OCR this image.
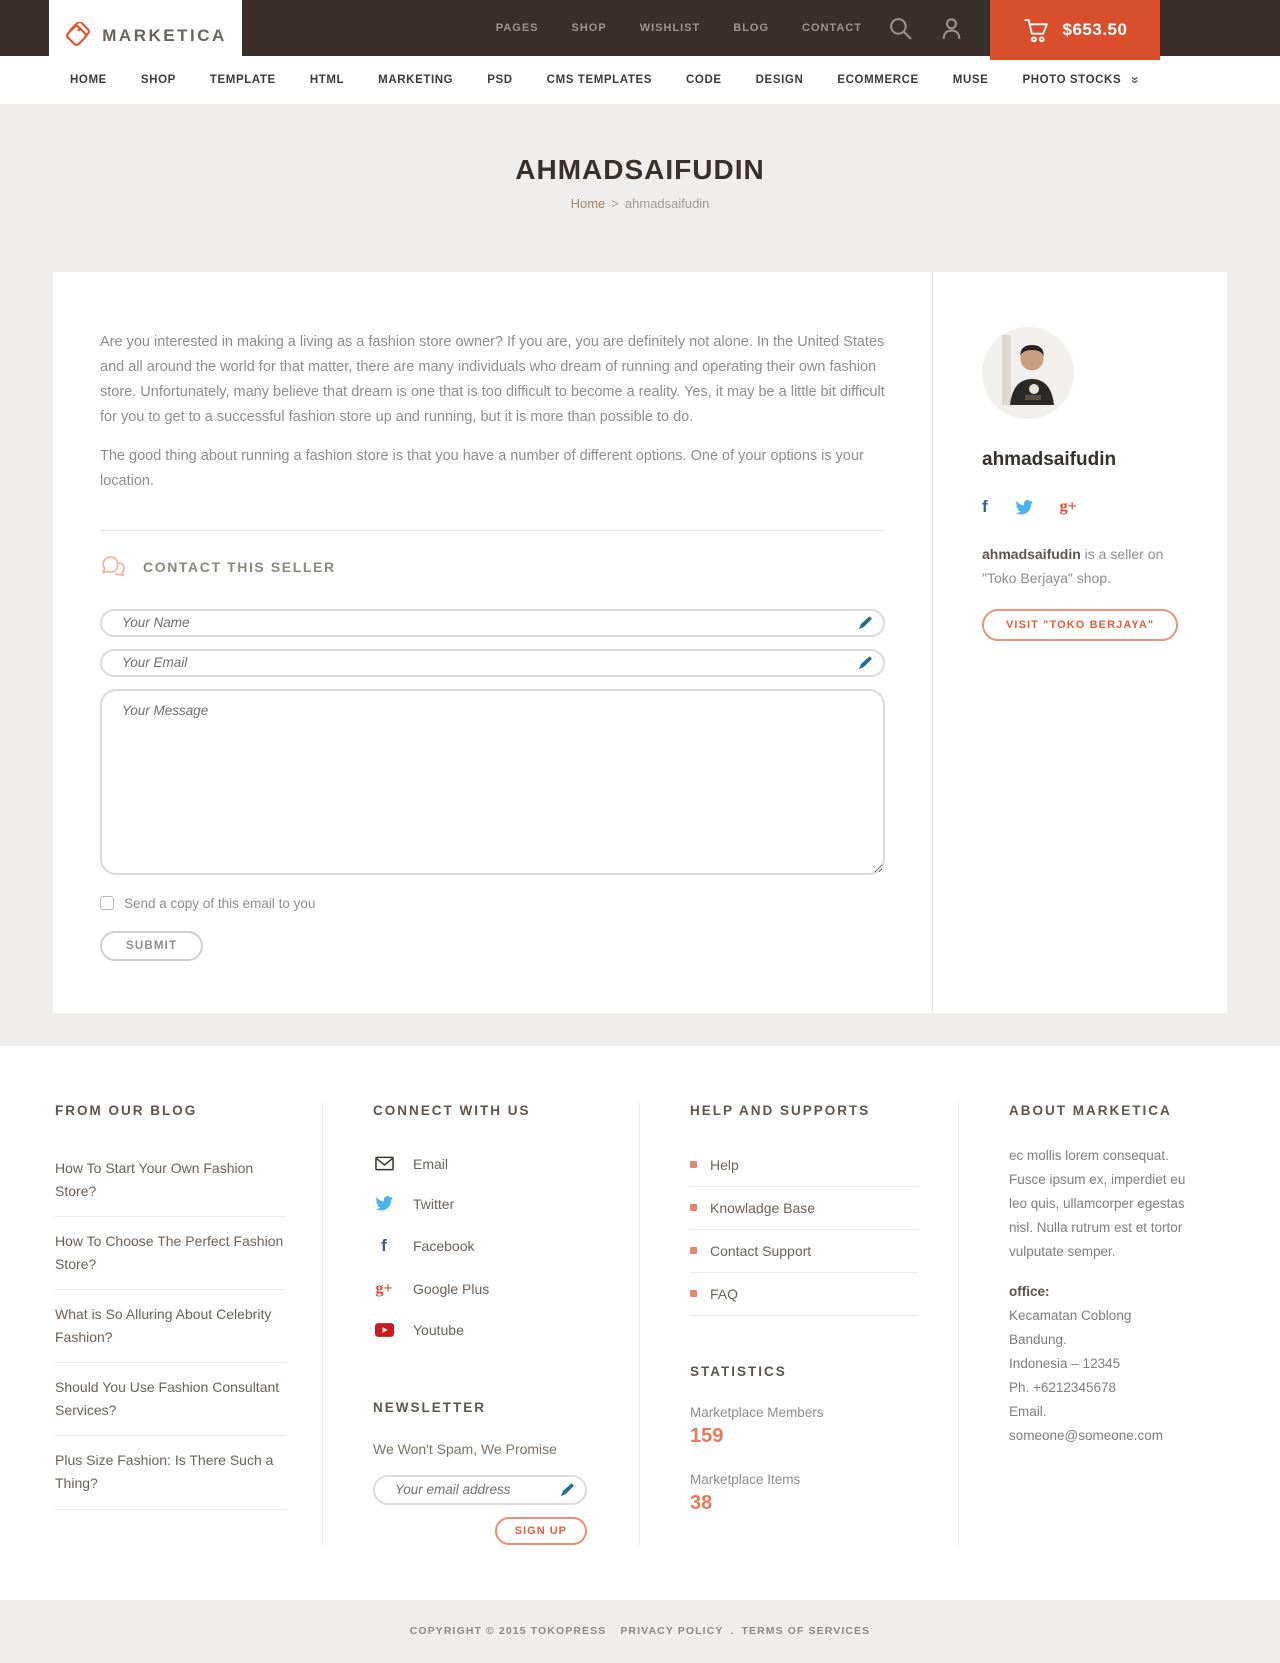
MARKETICA	PAGES	SHOP	WISHLIST	BLOG	CONTACT	$653.50
HOME	SHOP	TEMPLATE	HTML	MARKETING	PSD	CMS TEMPLATES	CODE	DESIGN	ECOMMERCE	MUSE	PHOTO STOCKS »
AHMADSAIFUDIN
Home > ahmadsaifudin

Are you interested in making a living as a fashion store owner? If you are, you are definitely not alone. In the United States and all around the world for that matter, there are many individuals who dream of running and operating their own fashion store. Unfortunately, many believe that dream is one that is too difficult to become a reality. Yes, it may be a little bit difficult for you to get to a successful fashion store up and running, but it is more than possible to do.

The good thing about running a fashion store is that you have a number of different options. One of your options is your location.

CONTACT THIS SELLER
Your Name
Your Email
Your Message
Send a copy of this email to you
SUBMIT
ahmadsaifudin
f	g+

ahmadsaifudin is a seller on "Toko Berjaya" shop.

VISIT "TOKO BERJAYA"
FROM OUR BLOG
How To Start Your Own Fashion Store?
How To Choose The Perfect Fashion Store?
What is So Alluring About Celebrity Fashion?
Should You Use Fashion Consultant Services?
Plus Size Fashion: Is There Such a Thing?
CONNECT WITH US
Email
Twitter
f	Facebook
g+ Google Plus
Youtube
NEWSLETTER

We Won't Spam, We Promise

Your email address
SIGN UP
HELP AND SUPPORTS
Help
Knowladge Base
Contact Support
FAQ
STATISTICS
Marketplace Members
159
Marketplace Items
38
ABOUT MARKETICA

ec mollis lorem consequat. Fusce ipsum ex, imperdiet eu leo quis, ullamcorper egestas nisl. Nulla rutrum est et tortor vulputate semper.

office:
Kecamatan Coblong
Bandung.
Indonesia – 12345
Ph. +6212345678
Email. someone@someone.com
COPYRIGHT © 2015 TOKOPRESS PRIVACY POLICY . TERMS OF SERVICES
